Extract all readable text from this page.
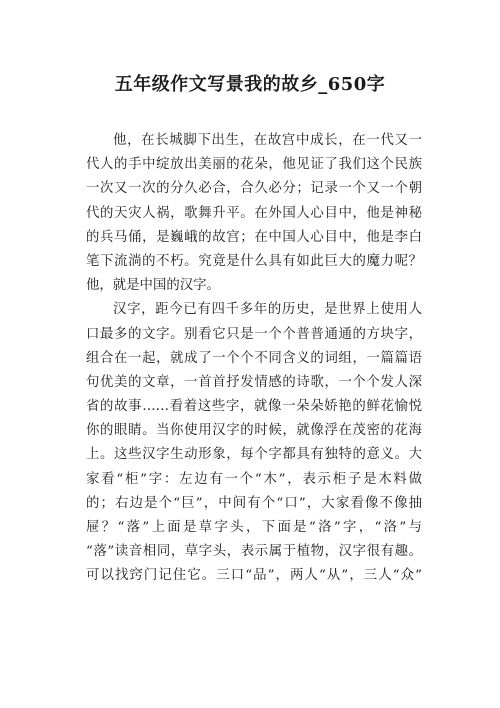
五年级作文写景我的故乡_650字
他，在长城脚下出生，在故宫中成长，在一代又一
代人的手中绽放出美丽的花朵，他见证了我们这个民族
一次又一次的分久必合，合久必分；记录一个又一个朝
代的天灾人祸，歌舞升平。在外国人心目中，他是神秘
的兵马俑，是巍峨的故宫；在中国人心目中，他是李白
笔下流淌的不朽。究竟是什么具有如此巨大的魔力呢？
他，就是中国的汉字。
汉字，距今已有四千多年的历史，是世界上使用人
口最多的文字。别看它只是一个个普普通通的方块字，
组合在一起，就成了一个个不同含义的词组，一篇篇语
句优美的文章，一首首抒发情感的诗歌，一个个发人深
省的故事……看着这些字，就像一朵朵娇艳的鲜花愉悦
你的眼睛。当你使用汉字的时候，就像浮在茂密的花海
上。这些汉字生动形象，每个字都具有独特的意义。大
家看“柜”字：左边有一个“木”，表示柜子是木料做
的；右边是个“巨”，中间有个“口”，大家看像不像抽
屉？“落”上面是草字头，下面是“洛”字，“洛”与
“落”读音相同，草字头，表示属于植物，汉字很有趣。
可以找窍门记住它。三口“品”，两人“从”，三人“众”
